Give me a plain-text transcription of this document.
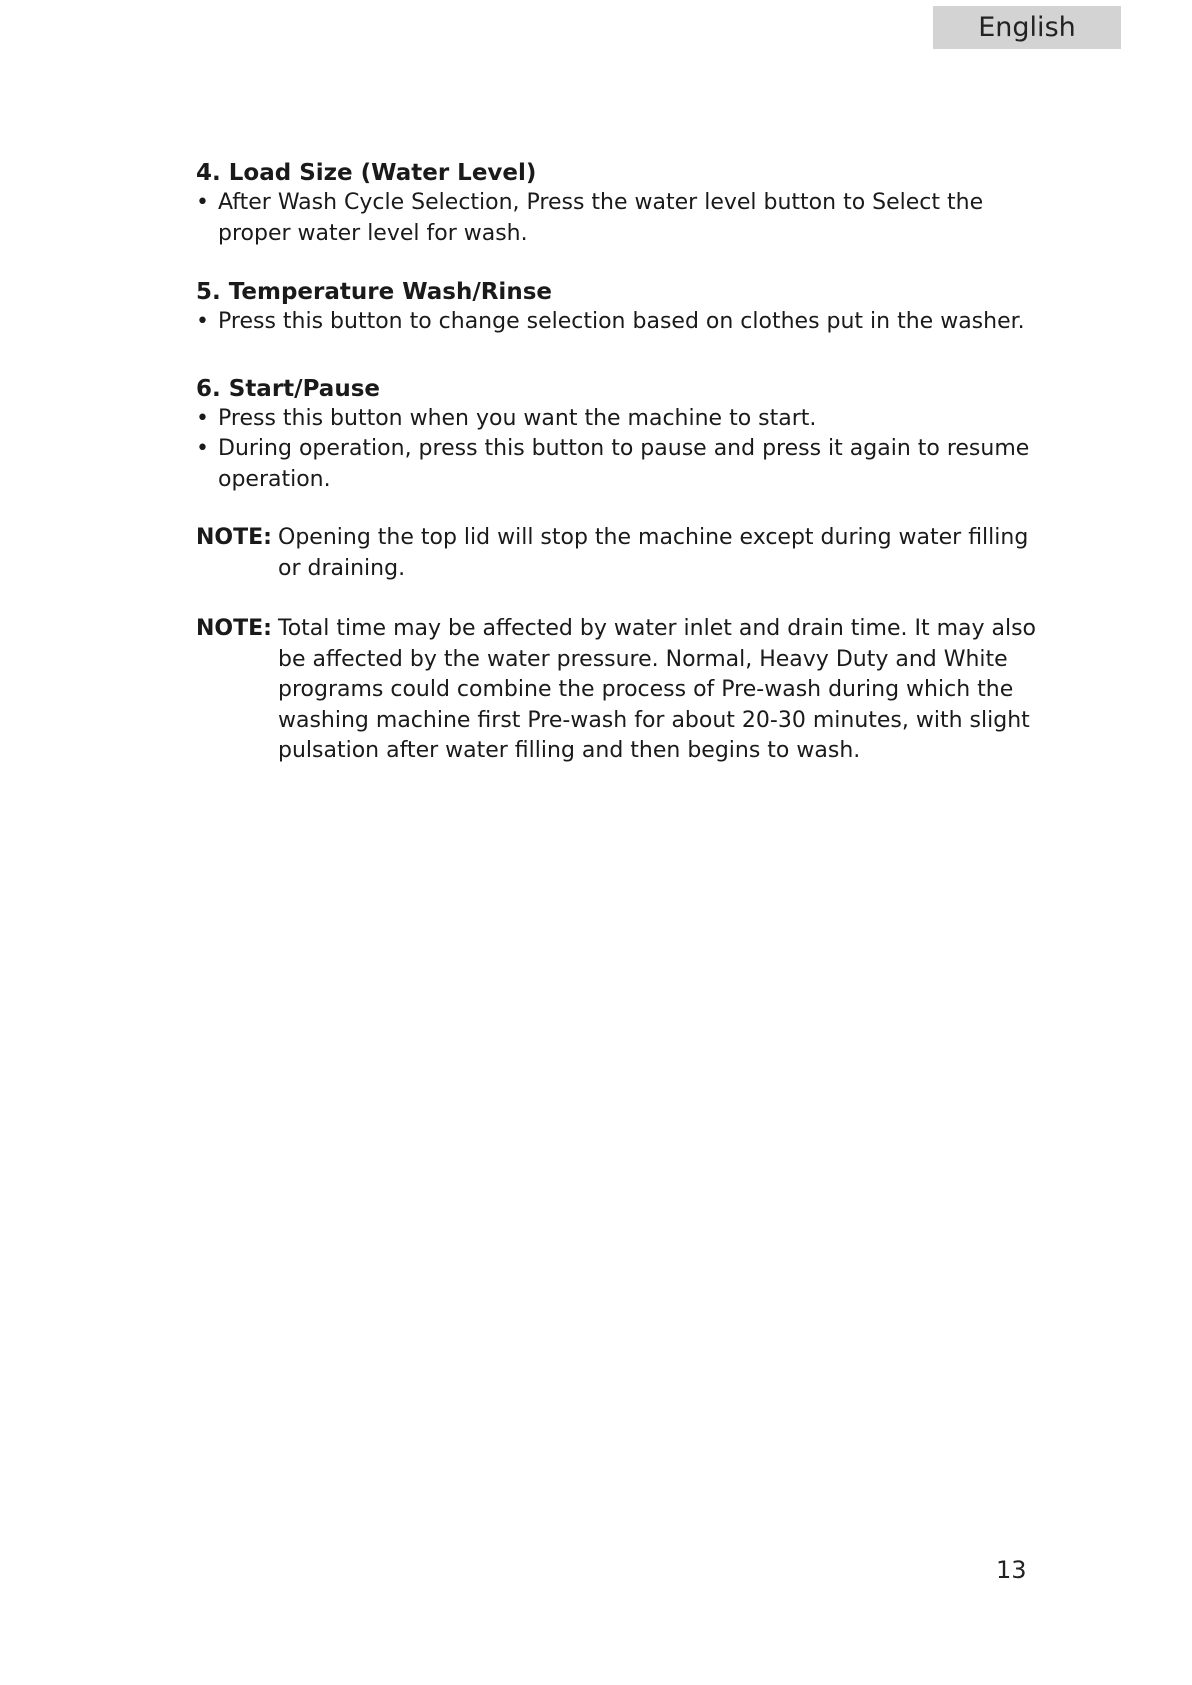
English
4. Load Size (Water Level)
• After Wash Cycle Selection, Press the water level button to Select the proper water level for wash.
5. Temperature Wash/Rinse
• Press this button to change selection based on clothes put in the washer.
6. Start/Pause
• Press this button when you want the machine to start.
• During operation, press this button to pause and press it again to resume operation.
NOTE: Opening the top lid will stop the machine except during water filling or draining.
NOTE: Total time may be affected by water inlet and drain time. It may also be affected by the water pressure. Normal, Heavy Duty and White programs could combine the process of Pre-wash during which the washing machine first Pre-wash for about 20-30 minutes, with slight pulsation after water filling and then begins to wash.
13
